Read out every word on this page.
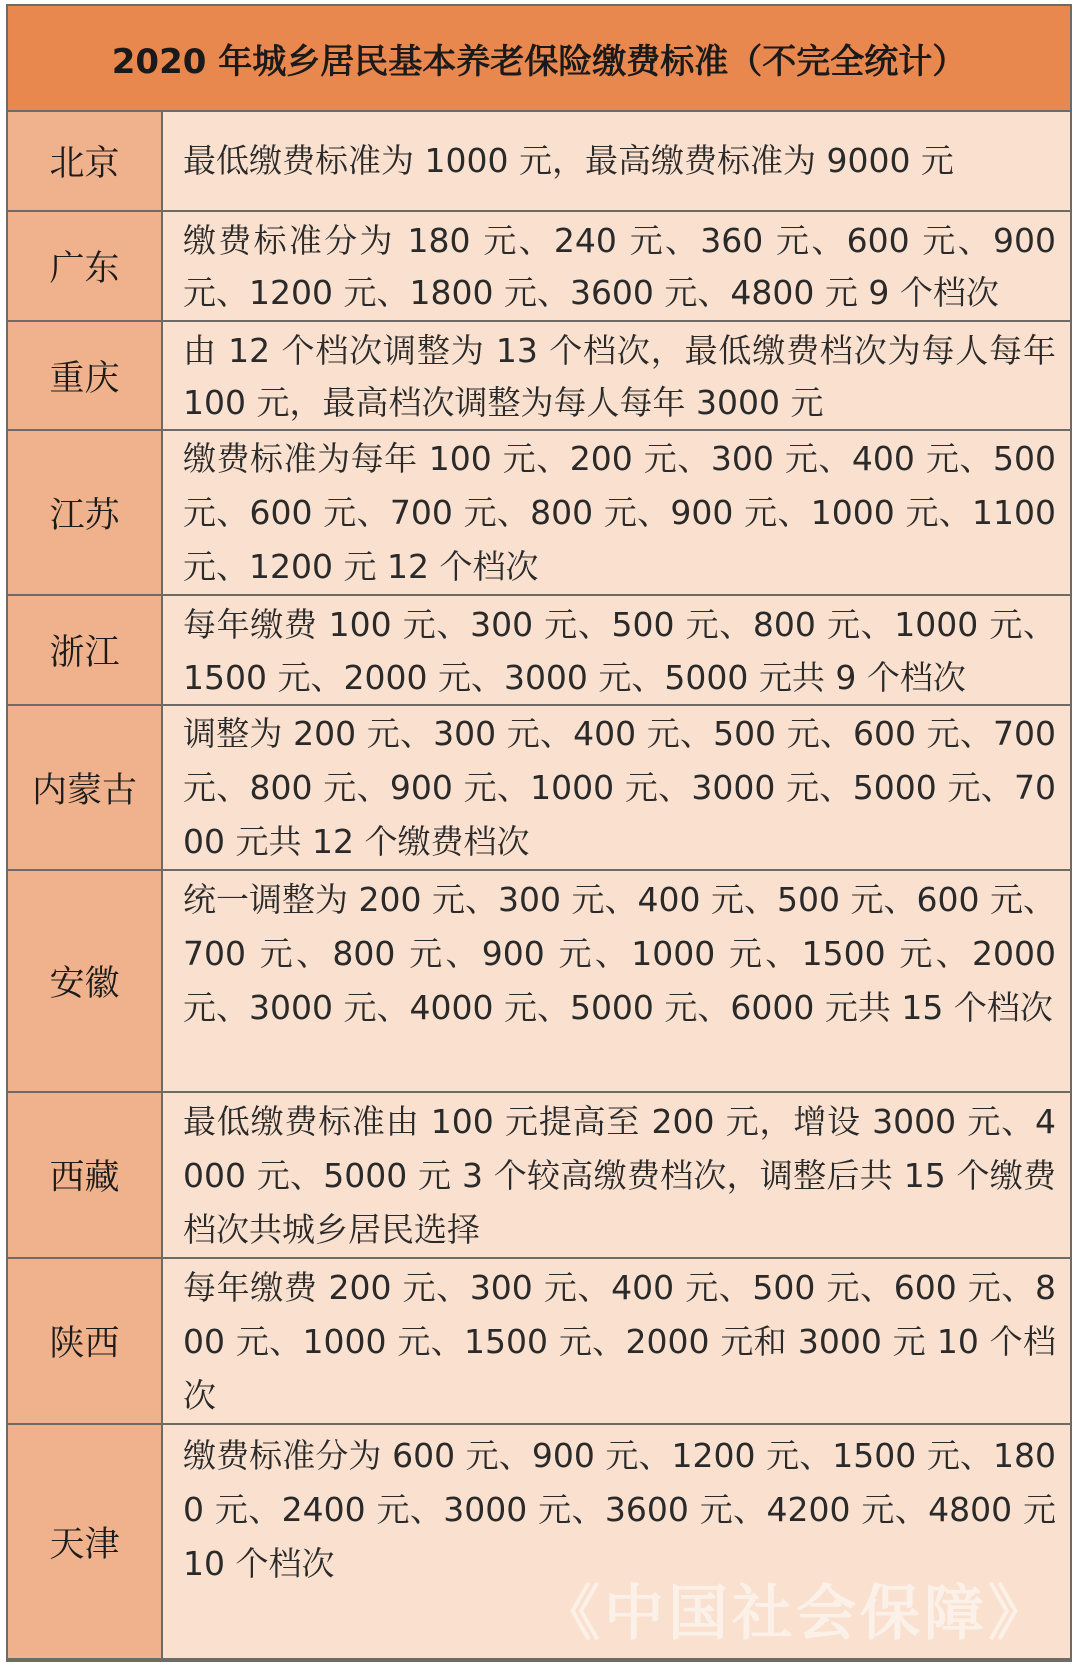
2020 年城乡居民基本养老保险缴费标准（不完全统计）
北京	最低缴费标准为 1000 元，最高缴费标准为 9000 元
广东
缴费标准分为 180 元、240 元、360 元、600 元、900 元、1200 元、1800 元、3600 元、4800 元 9 个档次
重庆
由 12 个档次调整为 13 个档次，最低缴费档次为每人每年 100 元，最高档次调整为每人每年 3000 元
江苏
缴费标准为每年 100 元、200 元、300 元、400 元、500 元、600 元、700 元、800 元、900 元、1000 元、1100 元、1200 元 12 个档次
浙江
每年缴费 100 元、300 元、500 元、800 元、1000 元、1500 元、2000 元、3000 元、5000 元共 9 个档次
内蒙古
调整为 200 元、300 元、400 元、500 元、600 元、700 元、800 元、900 元、1000 元、3000 元、5000 元、7000 元共 12 个缴费档次
安徽
统一调整为 200 元、300 元、400 元、500 元、600 元、700 元、800 元、900 元、1000 元、1500 元、2000 元、3000 元、4000 元、5000 元、6000 元共 15 个档次
西藏
最低缴费标准由 100 元提高至 200 元，增设 3000 元、4000 元、5000 元 3 个较高缴费档次，调整后共 15 个缴费档次共城乡居民选择
陕西
每年缴费 200 元、300 元、400 元、500 元、600 元、800 元、1000 元、1500 元、2000 元和 3000 元 10 个档次
天津
缴费标准分为 600 元、900 元、1200 元、1500 元、1800 元、2400 元、3000 元、3600 元、4200 元、4800 元 10 个档次
《中国社会保障》
